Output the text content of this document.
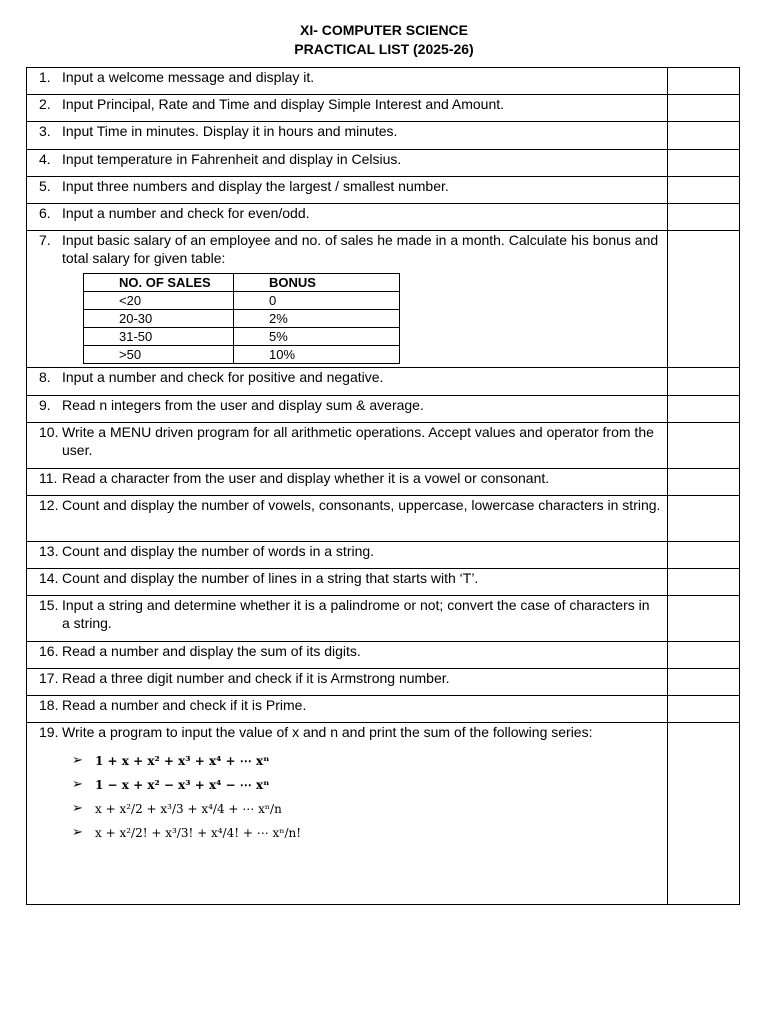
XI- COMPUTER SCIENCE
PRACTICAL LIST (2025-26)
1. Input a welcome message and display it.

2. Input Principal, Rate and Time and display Simple Interest and Amount.

3. Input Time in minutes. Display it in hours and minutes.

4. Input temperature in Fahrenheit and display in Celsius.

5. Input three numbers and display the largest / smallest number.

6. Input a number and check for even/odd.

7. Input basic salary of an employee and no. of sales he made in a month. Calculate his bonus and total salary for given table:
NO. OF SALES	BONUS
<20	0
20-30	2%
31-50	5%
>50	10%

8. Input a number and check for positive and negative.

9. Read n integers from the user and display sum & average.

10. Write a MENU driven program for all arithmetic operations. Accept values and operator from the user.

11. Read a character from the user and display whether it is a vowel or consonant.

12. Count and display the number of vowels, consonants, uppercase, lowercase characters in string.

13. Count and display the number of words in a string.

14. Count and display the number of lines in a string that starts with ‘T’.

15. Input a string and determine whether it is a palindrome or not; convert the case of characters in a string.

16. Read a number and display the sum of its digits.

17. Read a three digit number and check if it is Armstrong number.

18. Read a number and check if it is Prime.

19. Write a program to input the value of x and n and print the sum of the following series:
➢ 1 + x + x² + x³ + x⁴ + ⋯ xⁿ
➢ 1 − x + x² − x³ + x⁴ − ⋯ xⁿ
➢ x + x²/2 + x³/3 + x⁴/4 + ⋯ xⁿ/n
➢ x + x²/2! + x³/3! + x⁴/4! + ⋯ xⁿ/n!
